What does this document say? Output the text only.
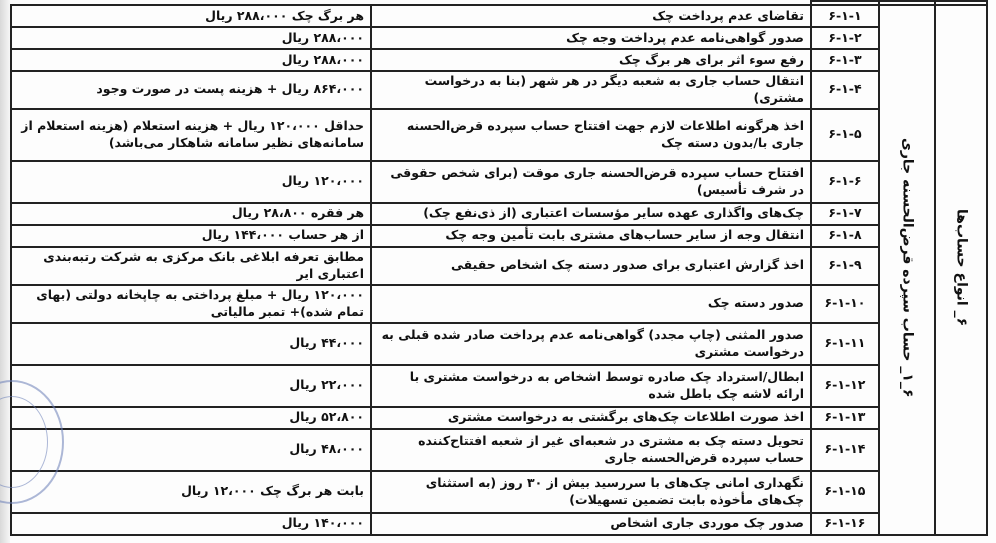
۶_ انواع حساب‌ها	۶_۱_ حساب سپرده قرض‌الحسنه جاری	۶-۱-۱	تقاضای عدم پرداخت چک	هر برگ چک ۲۸۸،۰۰۰ ریال
		۶-۱-۲	صدور گواهی‌نامه عدم پرداخت وجه چک	۲۸۸،۰۰۰ ریال
		۶-۱-۳	رفع سوء اثر برای هر برگ چک	۲۸۸،۰۰۰ ریال
		۶-۱-۴	انتقال حساب جاری به شعبه دیگر در هر شهر (بنا به درخواست مشتری)	۸۶۴،۰۰۰ ریال + هزینه پست در صورت وجود
		۶-۱-۵	اخذ هرگونه اطلاعات لازم جهت افتتاح حساب سپرده قرض‌الحسنه جاری با/بدون دسته چک	حداقل ۱۲۰،۰۰۰ ریال + هزینه استعلام (هزینه استعلام از سامانه‌های نظیر سامانه شاهکار می‌باشد)
		۶-۱-۶	افتتاح حساب سپرده قرض‌الحسنه جاری موقت (برای شخص حقوقی در شرف تأسیس)	۱۲۰،۰۰۰ ریال
		۶-۱-۷	چک‌های واگذاری عهده سایر مؤسسات اعتباری (از ذی‌نفع چک)	هر فقره ۲۸،۸۰۰ ریال
		۶-۱-۸	انتقال وجه از سایر حساب‌های مشتری بابت تأمین وجه چک	از هر حساب ۱۴۴،۰۰۰ ریال
		۶-۱-۹	اخذ گزارش اعتباری برای صدور دسته چک اشخاص حقیقی	مطابق تعرفه ابلاغی بانک مرکزی به شرکت رتبه‌بندی اعتباری ایر
		۶-۱-۱۰	صدور دسته چک	۱۲۰،۰۰۰ ریال + مبلغ پرداختی به چاپخانه دولتی (بهای تمام شده)+ تمبر مالیاتی
		۶-۱-۱۱	صدور المثنی (چاپ مجدد) گواهی‌نامه عدم پرداخت صادر شده قبلی به درخواست مشتری	۴۴،۰۰۰ ریال
		۶-۱-۱۲	ابطال/استرداد چک صادره توسط اشخاص به درخواست مشتری با ارائه لاشه چک باطل شده	۲۲،۰۰۰ ریال
		۶-۱-۱۳	اخذ صورت اطلاعات چک‌های برگشتی به درخواست مشتری	۵۲،۸۰۰ ریال
		۶-۱-۱۴	تحویل دسته چک به مشتری در شعبه‌ای غیر از شعبه افتتاح‌کننده حساب سپرده قرض‌الحسنه جاری	۴۸،۰۰۰ ریال
		۶-۱-۱۵	نگهداری امانی چک‌های با سررسید بیش از ۳۰ روز (به استثنای چک‌های مأخوذه بابت تضمین تسهیلات)	بابت هر برگ چک ۱۲،۰۰۰ ریال
		۶-۱-۱۶	صدور چک موردی جاری اشخاص	۱۴۰،۰۰۰ ریال
